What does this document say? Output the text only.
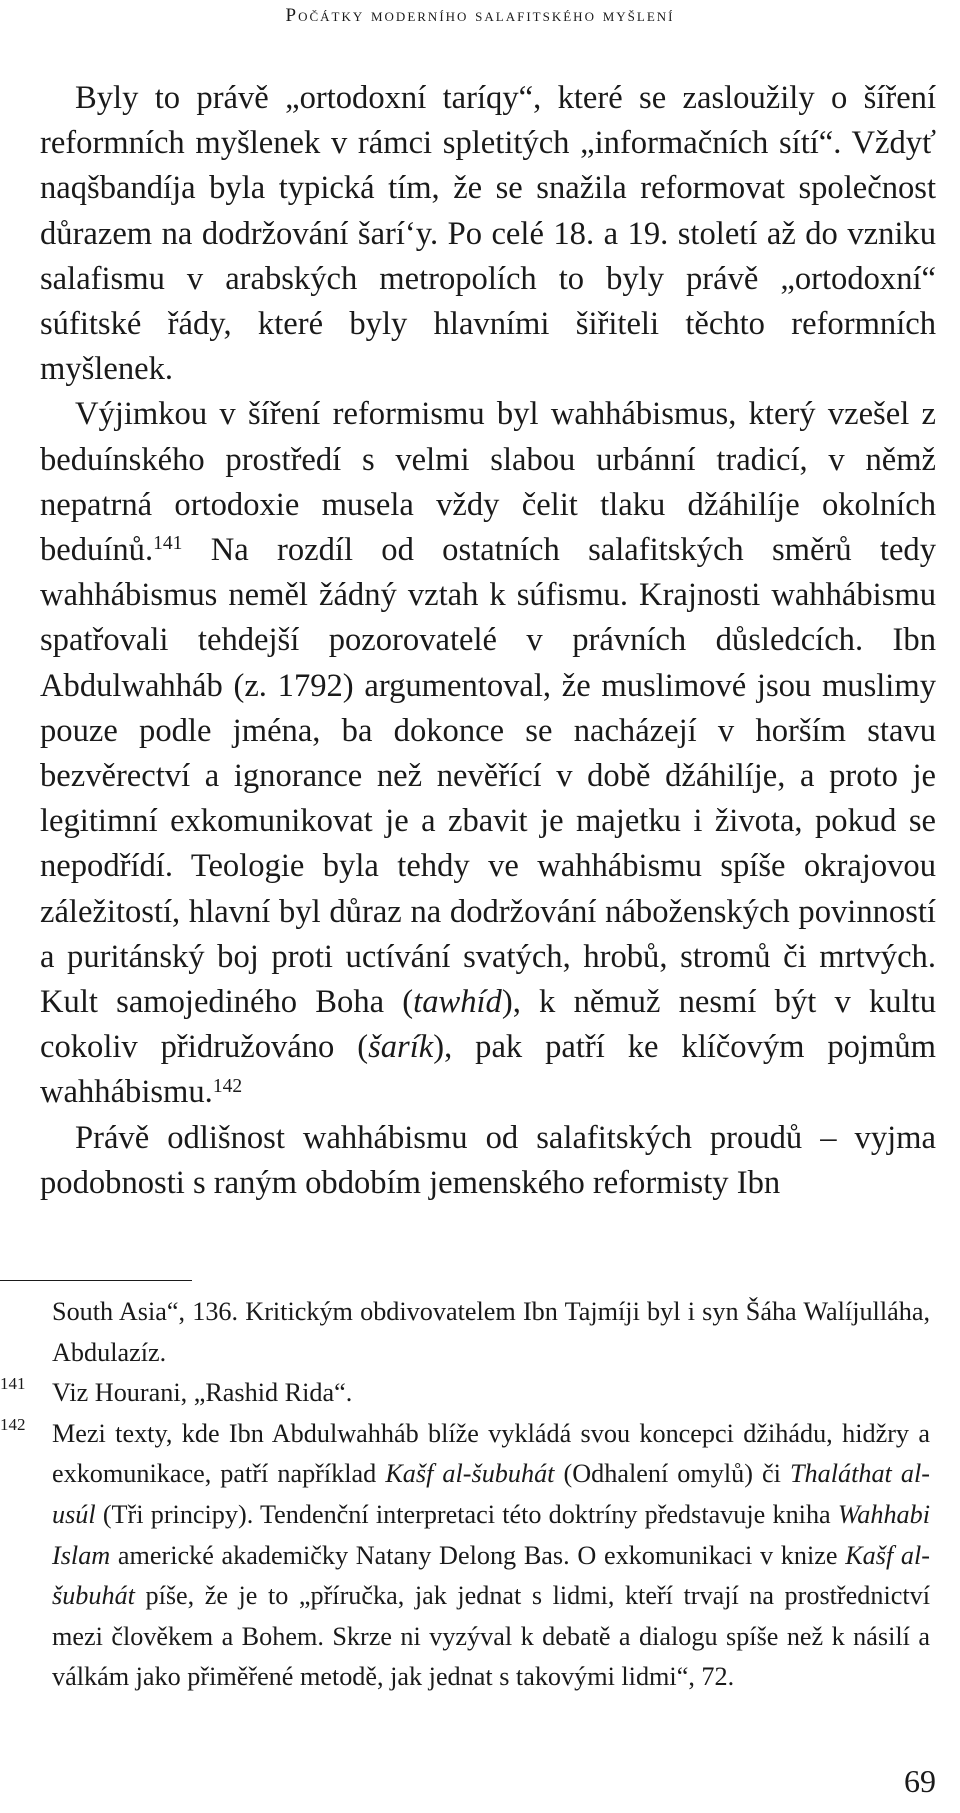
Počátky moderního salafitského myšlení

Byly to právě „ortodoxní taríqy“, které se zasloužily o šíření reformních myšlenek v rámci spletitých „informačních sítí“. Vždyť naqšbandíja byla typická tím, že se snažila reformovat společnost důrazem na dodržování šarí‘y. Po celé 18. a 19. století až do vzniku salafismu v arabských metropolích to byly právě „ortodoxní“ súfitské řády, které byly hlavními šiřiteli těchto reformních myšlenek.

Výjimkou v šíření reformismu byl wahhábismus, který vzešel z beduínského prostředí s velmi slabou urbánní tradicí, v němž nepatrná ortodoxie musela vždy čelit tlaku džáhilíje okolních beduínů.$^{141}$ Na rozdíl od ostatních salafitských směrů tedy wahhábismus neměl žádný vztah k súfismu. Krajnosti wahhábismu spatřovali tehdejší pozorovatelé v právních důsledcích. Ibn Abdulwahháb (z. 1792) argumentoval, že muslimové jsou muslimy pouze podle jména, ba dokonce se nacházejí v horším stavu bezvěrectví a ignorance než nevěřící v době džáhilíje, a proto je legitimní exkomunikovat je a zbavit je majetku i života, pokud se nepodřídí. Teologie byla tehdy ve wahhábismu spíše okrajovou záležitostí, hlavní byl důraz na dodržování náboženských povinností a puritánský boj proti uctívání svatých, hrobů, stromů či mrtvých. Kult samojediného Boha (tawhíd), k němuž nesmí být v kultu cokoliv přidružováno (šarík), pak patří ke klíčovým pojmům wahhábismu.$^{142}$

Právě odlišnost wahhábismu od salafitských proudů – vyjma podobnosti s raným obdobím jemenského reformisty Ibn

South Asia“, 136. Kritickým obdivovatelem Ibn Tajmíji byl i syn Šáha Walíjulláha, Abdulazíz.

141 Viz Hourani, „Rashid Rida“.

142 Mezi texty, kde Ibn Abdulwahháb blíže vykládá svou koncepci džihádu, hidžry a exkomunikace, patří například Kašf al-šubuhát (Odhalení omylů) či Thaláthat al-usúl (Tři principy). Tendenční interpretaci této doktríny představuje kniha Wahhabi Islam americké akademičky Natany Delong Bas. O exkomunikaci v knize Kašf al-šubuhát píše, že je to „příručka, jak jednat s lidmi, kteří trvají na prostřednictví mezi člověkem a Bohem. Skrze ni vyzýval k debatě a dialogu spíše než k násilí a válkám jako přiměřené metodě, jak jednat s takovými lidmi“, 72.

69
